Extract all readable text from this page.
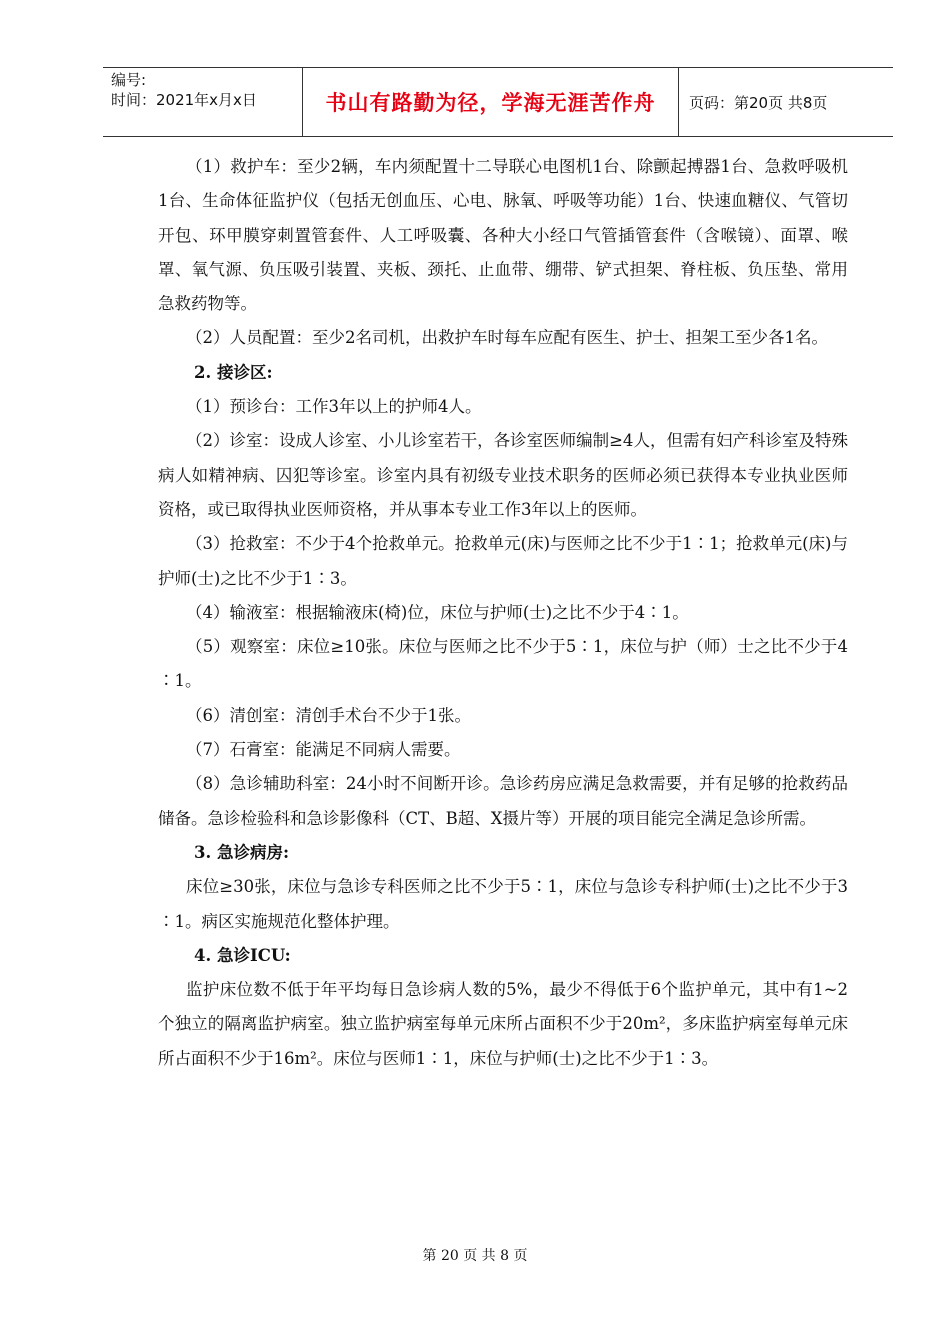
编号:
时间：2021年x月x日	书山有路勤为径，学海无涯苦作舟	页码：第20页 共8页

（1）救护车：至少2辆，车内须配置十二导联心电图机1台、除颤起搏器1台、急救呼吸机1台、生命体征监护仪（包括无创血压、心电、脉氧、呼吸等功能）1台、快速血糖仪、气管切开包、环甲膜穿刺置管套件、人工呼吸囊、各种大小经口气管插管套件（含喉镜）、面罩、喉罩、氧气源、负压吸引装置、夹板、颈托、止血带、绷带、铲式担架、脊柱板、负压垫、常用急救药物等。

（2）人员配置：至少2名司机，出救护车时每车应配有医生、护士、担架工至少各1名。

2. 接诊区:

（1）预诊台：工作3年以上的护师4人。

（2）诊室：设成人诊室、小儿诊室若干，各诊室医师编制≥4人，但需有妇产科诊室及特殊病人如精神病、囚犯等诊室。诊室内具有初级专业技术职务的医师必须已获得本专业执业医师资格，或已取得执业医师资格，并从事本专业工作3年以上的医师。

（3）抢救室：不少于4个抢救单元。抢救单元(床)与医师之比不少于1∶1；抢救单元(床)与护师(士)之比不少于1∶3。

（4）输液室：根据输液床(椅)位，床位与护师(士)之比不少于4∶1。

（5）观察室：床位≥10张。床位与医师之比不少于5∶1，床位与护（师）士之比不少于4∶1。

（6）清创室：清创手术台不少于1张。

（7）石膏室：能满足不同病人需要。

（8）急诊辅助科室：24小时不间断开诊。急诊药房应满足急救需要，并有足够的抢救药品储备。急诊检验科和急诊影像科（CT、B超、X摄片等）开展的项目能完全满足急诊所需。

3. 急诊病房:

床位≥30张，床位与急诊专科医师之比不少于5∶1，床位与急诊专科护师(士)之比不少于3∶1。病区实施规范化整体护理。

4. 急诊ICU:

监护床位数不低于年平均每日急诊病人数的5%，最少不得低于6个监护单元，其中有1~2个独立的隔离监护病室。独立监护病室每单元床所占面积不少于20m²，多床监护病室每单元床所占面积不少于16m²。床位与医师1∶1，床位与护师(士)之比不少于1∶3。

第 20 页 共 8 页
